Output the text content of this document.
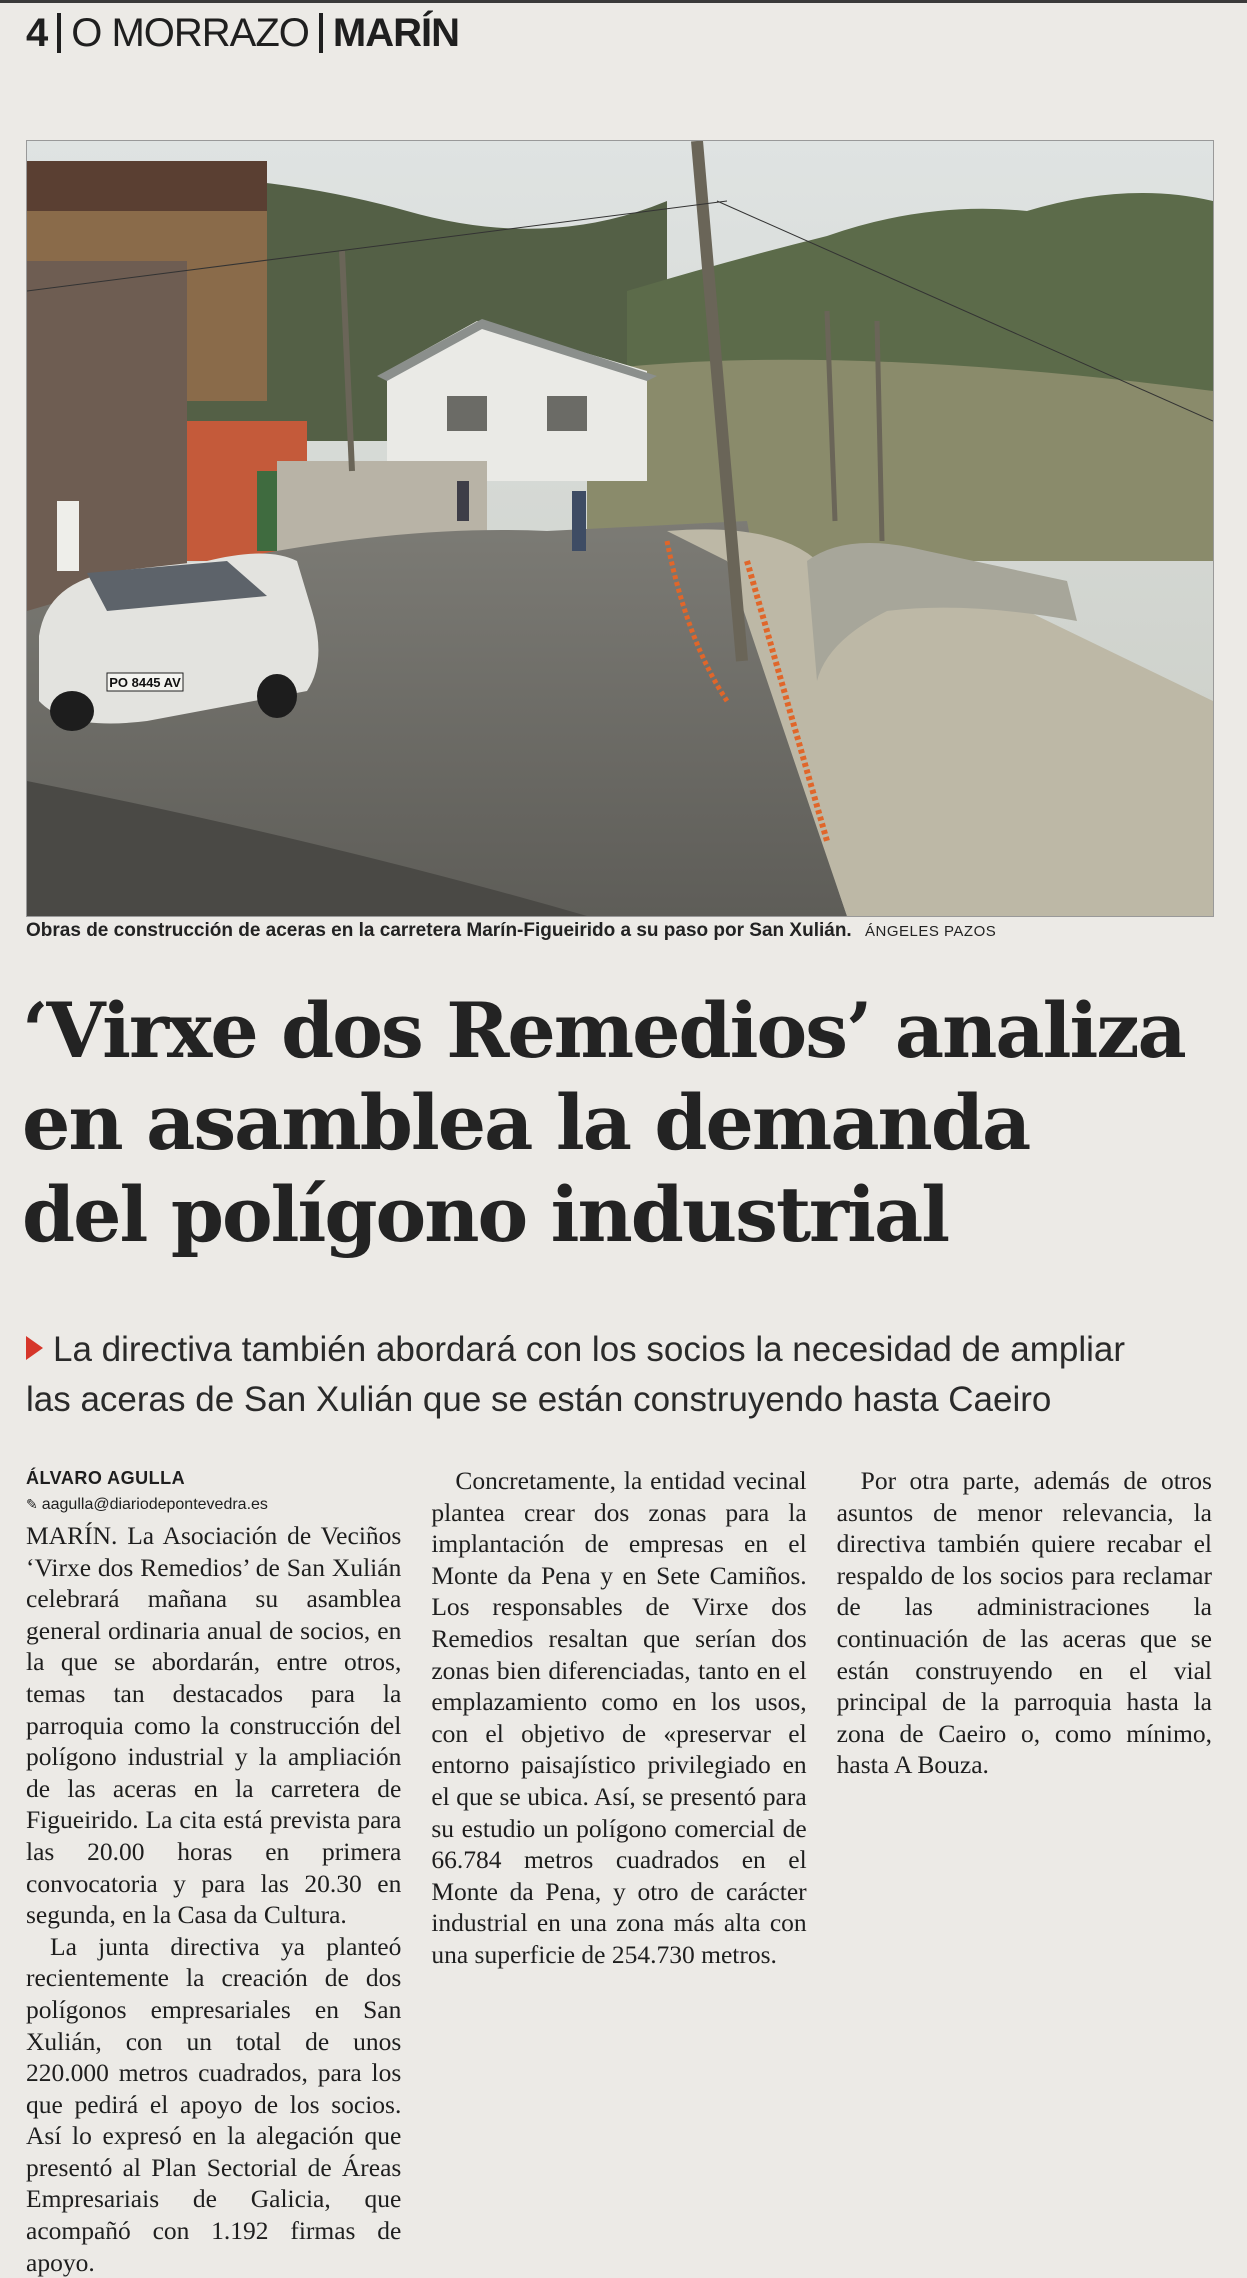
4 O MORRAZO MARÍN
PO 8445 AV
Obras de construcción de aceras en la carretera Marín-Figueirido a su paso por San Xulián. ÁNGELES PAZOS
‘Virxe dos Remedios’ analiza
en asamblea la demanda
del polígono industrial
La directiva también abordará con los socios la necesidad de ampliar
las aceras de San Xulián que se están construyendo hasta Caeiro
ÁLVARO AGULLA
✎ aagulla@diariodepontevedra.es

MARÍN. La Asociación de Veciños ‘Virxe dos Remedios’ de San Xulián celebrará mañana su asamblea general ordinaria anual de socios, en la que se abordarán, entre otros, temas tan destacados para la parroquia como la construcción del polígono industrial y la ampliación de las aceras en la carretera de Figueirido. La cita está prevista para las 20.00 horas en primera convocatoria y para las 20.30 en segunda, en la Casa da Cultura.

La junta directiva ya planteó recientemente la creación de dos polígonos empresariales en San Xulián, con un total de unos 220.000 metros cuadrados, para los que pedirá el apoyo de los socios. Así lo expresó en la alegación que presentó al Plan Sectorial de Áreas Empresariais de Galicia, que acompañó con 1.192 firmas de apoyo.

Concretamente, la entidad vecinal plantea crear dos zonas para la implantación de empresas en el Monte da Pena y en Sete Camiños. Los responsables de Virxe dos Remedios resaltan que serían dos zonas bien diferenciadas, tanto en el emplazamiento como en los usos, con el objetivo de «preservar el entorno paisajístico privilegiado en el que se ubica. Así, se presentó para su estudio un polígono comercial de 66.784 metros cuadrados en el Monte da Pena, y otro de carácter industrial en una zona más alta con una superficie de 254.730 metros.

Por otra parte, además de otros asuntos de menor relevancia, la directiva también quiere recabar el respaldo de los socios para reclamar de las administraciones la continuación de las aceras que se están construyendo en el vial principal de la parroquia hasta la zona de Caeiro o, como mínimo, hasta A Bouza.
